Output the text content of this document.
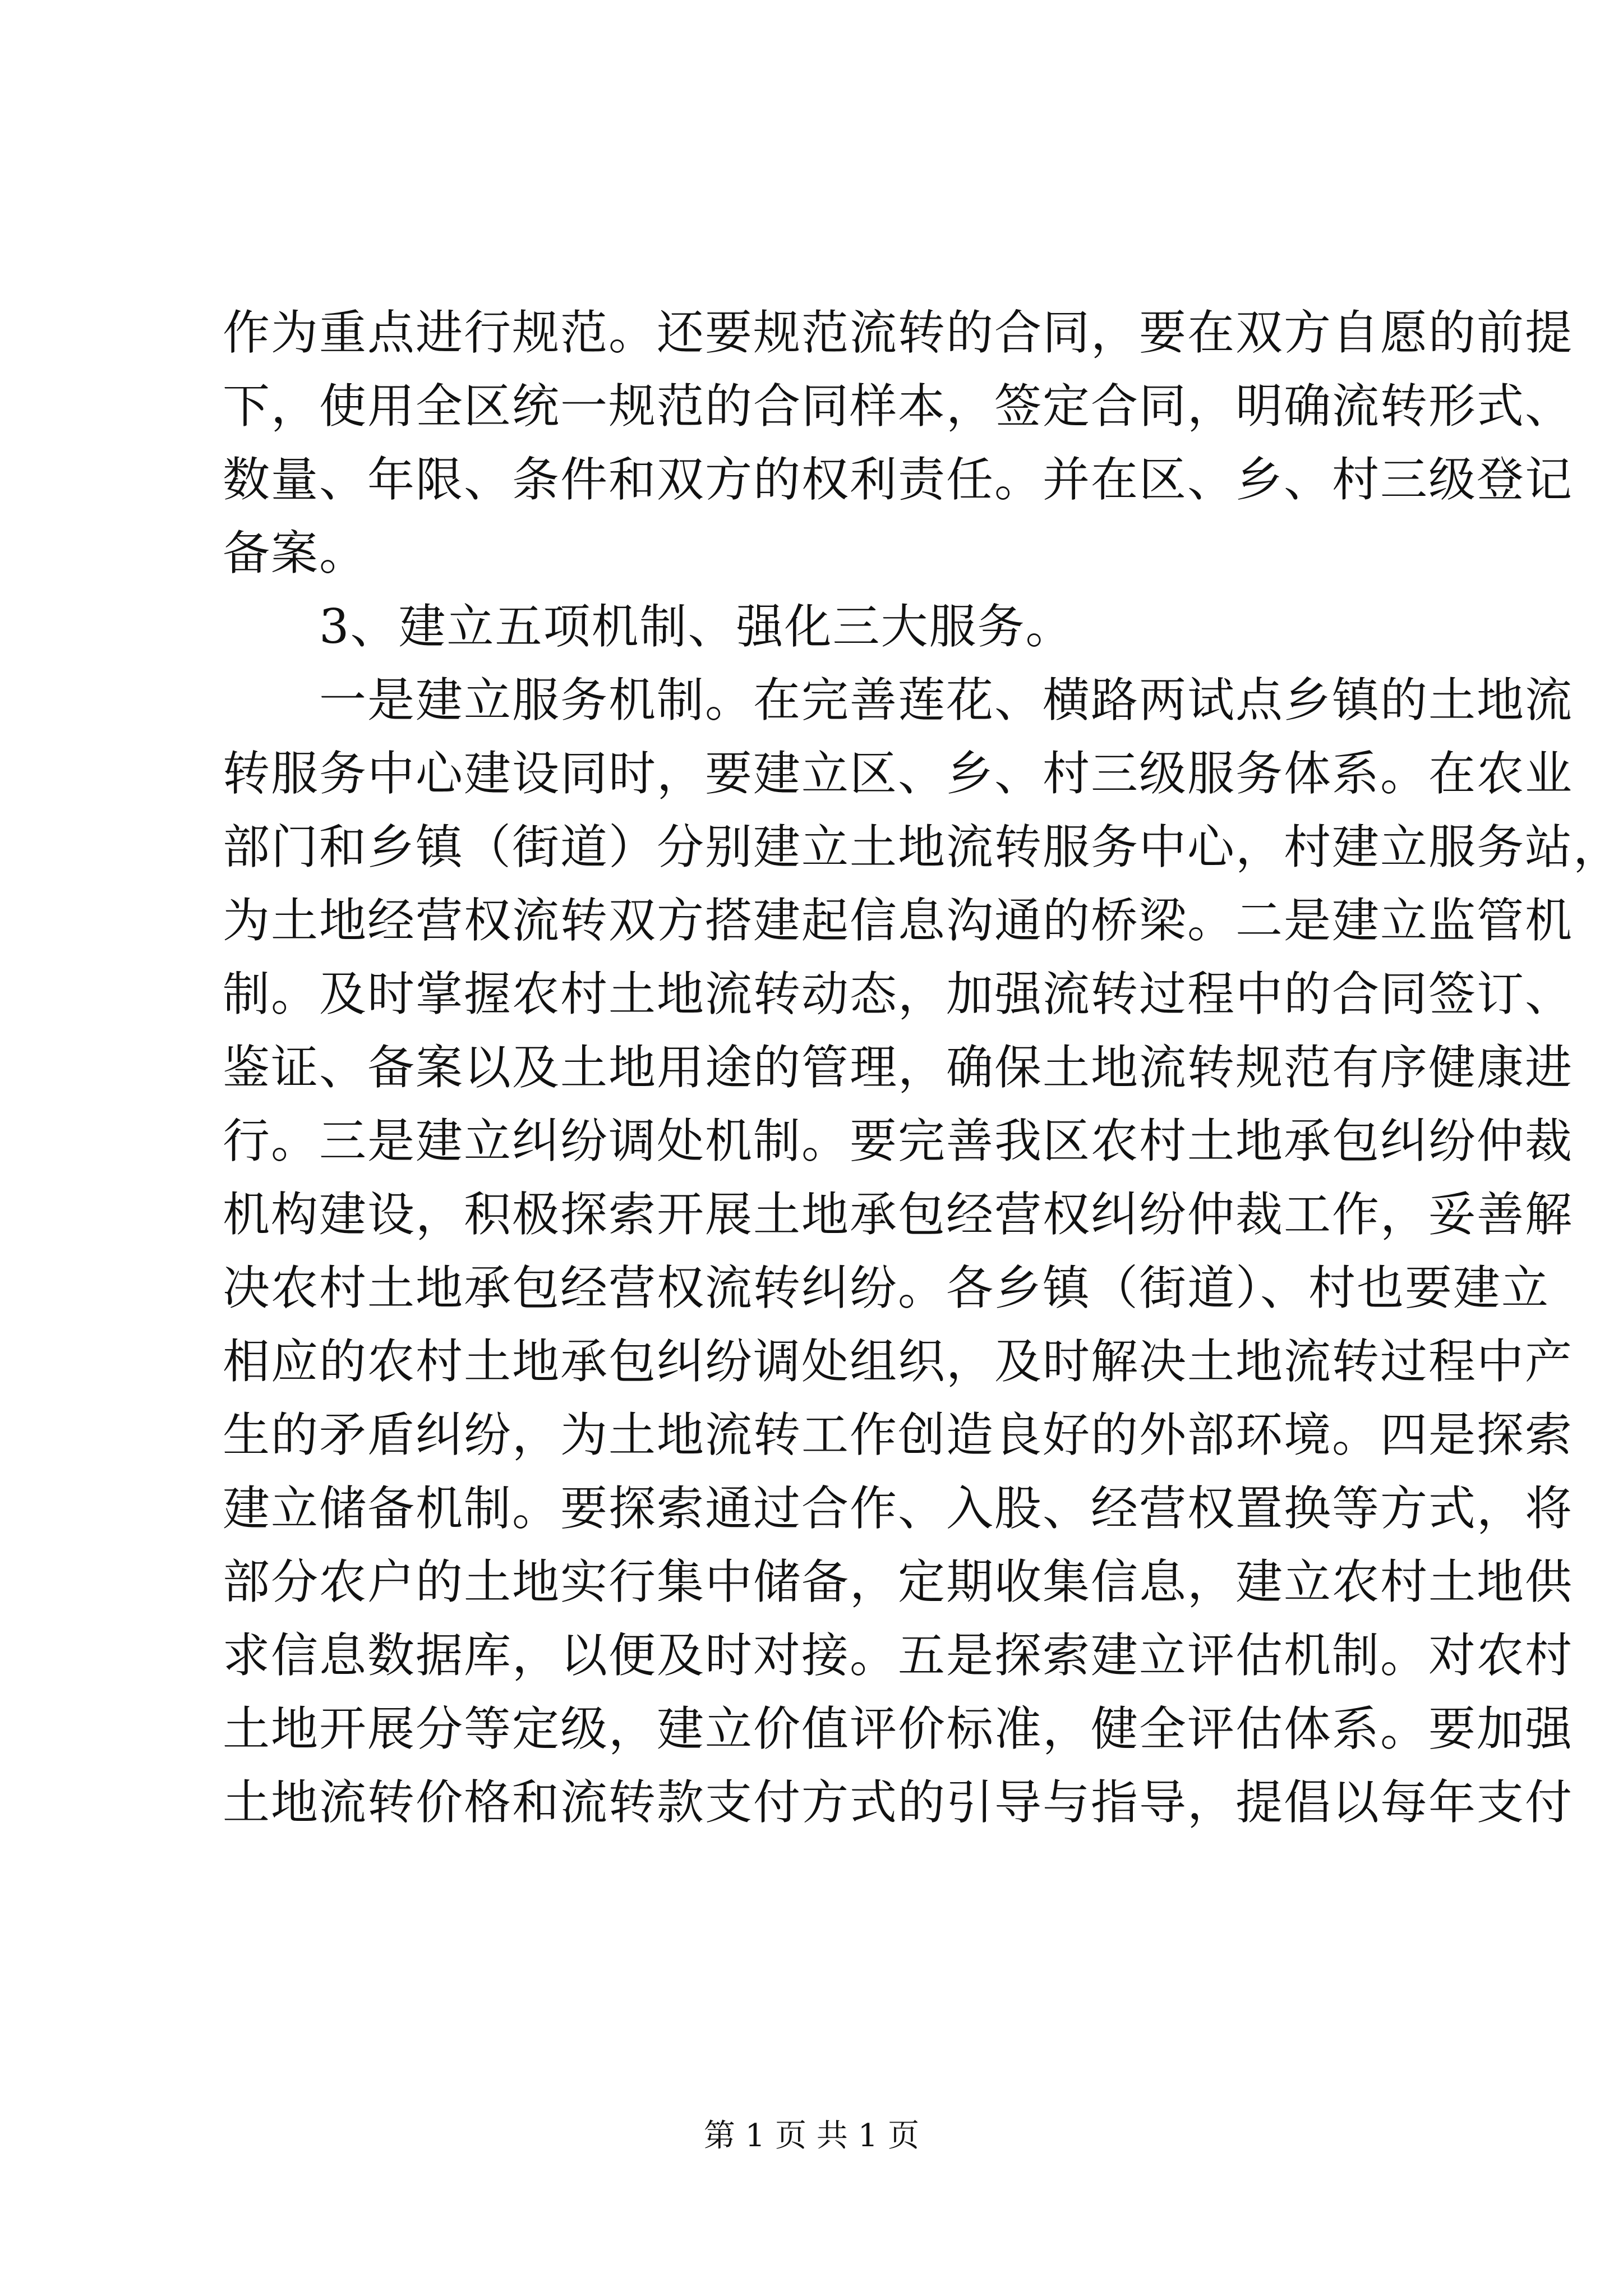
作为重点进行规范。还要规范流转的合同，要在双方自愿的前提
下，使用全区统一规范的合同样本，签定合同，明确流转形式、
数量、年限、条件和双方的权利责任。并在区、乡、村三级登记
备案。
　　3、建立五项机制、强化三大服务。
　　一是建立服务机制。在完善莲花、横路两试点乡镇的土地流
转服务中心建设同时，要建立区、乡、村三级服务体系。在农业
部门和乡镇（街道）分别建立土地流转服务中心，村建立服务站，
为土地经营权流转双方搭建起信息沟通的桥梁。二是建立监管机
制。及时掌握农村土地流转动态，加强流转过程中的合同签订、
鉴证、备案以及土地用途的管理，确保土地流转规范有序健康进
行。三是建立纠纷调处机制。要完善我区农村土地承包纠纷仲裁
机构建设，积极探索开展土地承包经营权纠纷仲裁工作，妥善解
决农村土地承包经营权流转纠纷。各乡镇（街道）、村也要建立
相应的农村土地承包纠纷调处组织，及时解决土地流转过程中产
生的矛盾纠纷，为土地流转工作创造良好的外部环境。四是探索
建立储备机制。要探索通过合作、入股、经营权置换等方式，将
部分农户的土地实行集中储备，定期收集信息，建立农村土地供
求信息数据库，以便及时对接。五是探索建立评估机制。对农村
土地开展分等定级，建立价值评价标准，健全评估体系。要加强
土地流转价格和流转款支付方式的引导与指导，提倡以每年支付
第 1 页 共 1 页
